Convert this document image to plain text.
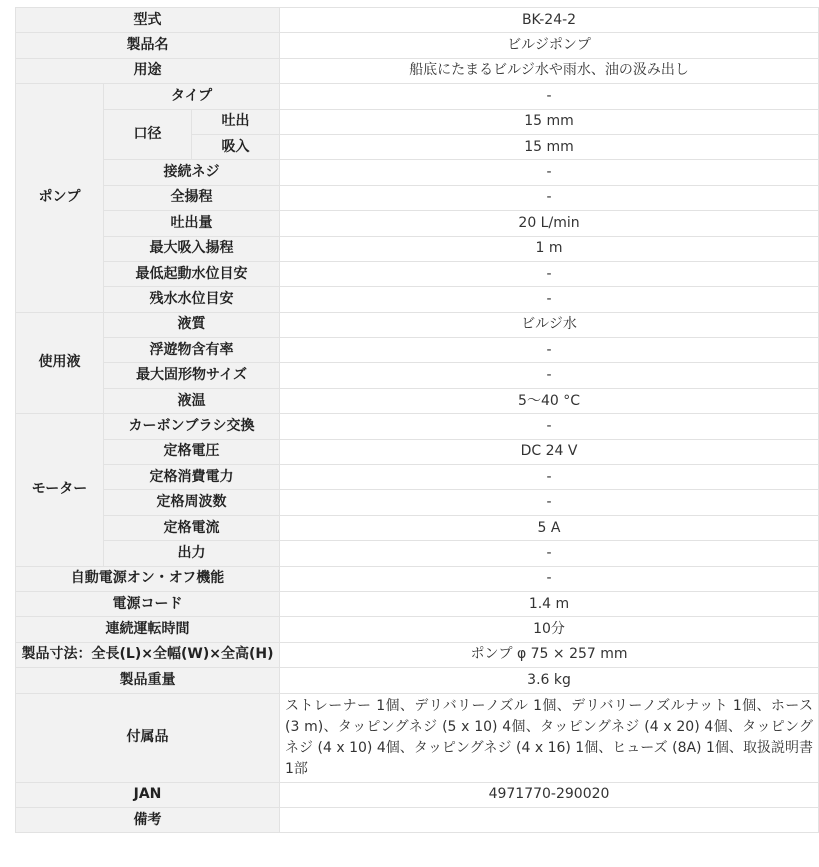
型式			BK-24-2
製品名			ビルジポンプ
用途			船底にたまるビルジ水や雨水、油の汲み出し
ポンプ	タイプ		-
	口径	吐出	15 mm
		吸入	15 mm
	接続ネジ		-
	全揚程		-
	吐出量		20 L/min
	最大吸入揚程		1 m
	最低起動水位目安		-
	残水水位目安		-
使用液	液質		ビルジ水
	浮遊物含有率		-
	最大固形物サイズ		-
	液温		5〜40 °C
モーター	カーボンブラシ交換		-
	定格電圧		DC 24 V
	定格消費電力		-
	定格周波数		-
	定格電流		5 A
	出力		-
自動電源オン・オフ機能			-
電源コード			1.4 m
連続運転時間			10分
製品寸法：全長(L)×全幅(W)×全高(H)			ポンプ φ 75 × 257 mm
製品重量			3.6 kg
付属品			ストレーナー 1個、デリバリーノズル 1個、デリバリーノズルナット 1個、ホース (3 m)、タッピングネジ (5 x 10) 4個、タッピングネジ (4 x 20) 4個、タッピングネジ (4 x 10) 4個、タッピングネジ (4 x 16) 1個、ヒューズ (8A) 1個、取扱説明書 1部
JAN			4971770-290020
備考			
